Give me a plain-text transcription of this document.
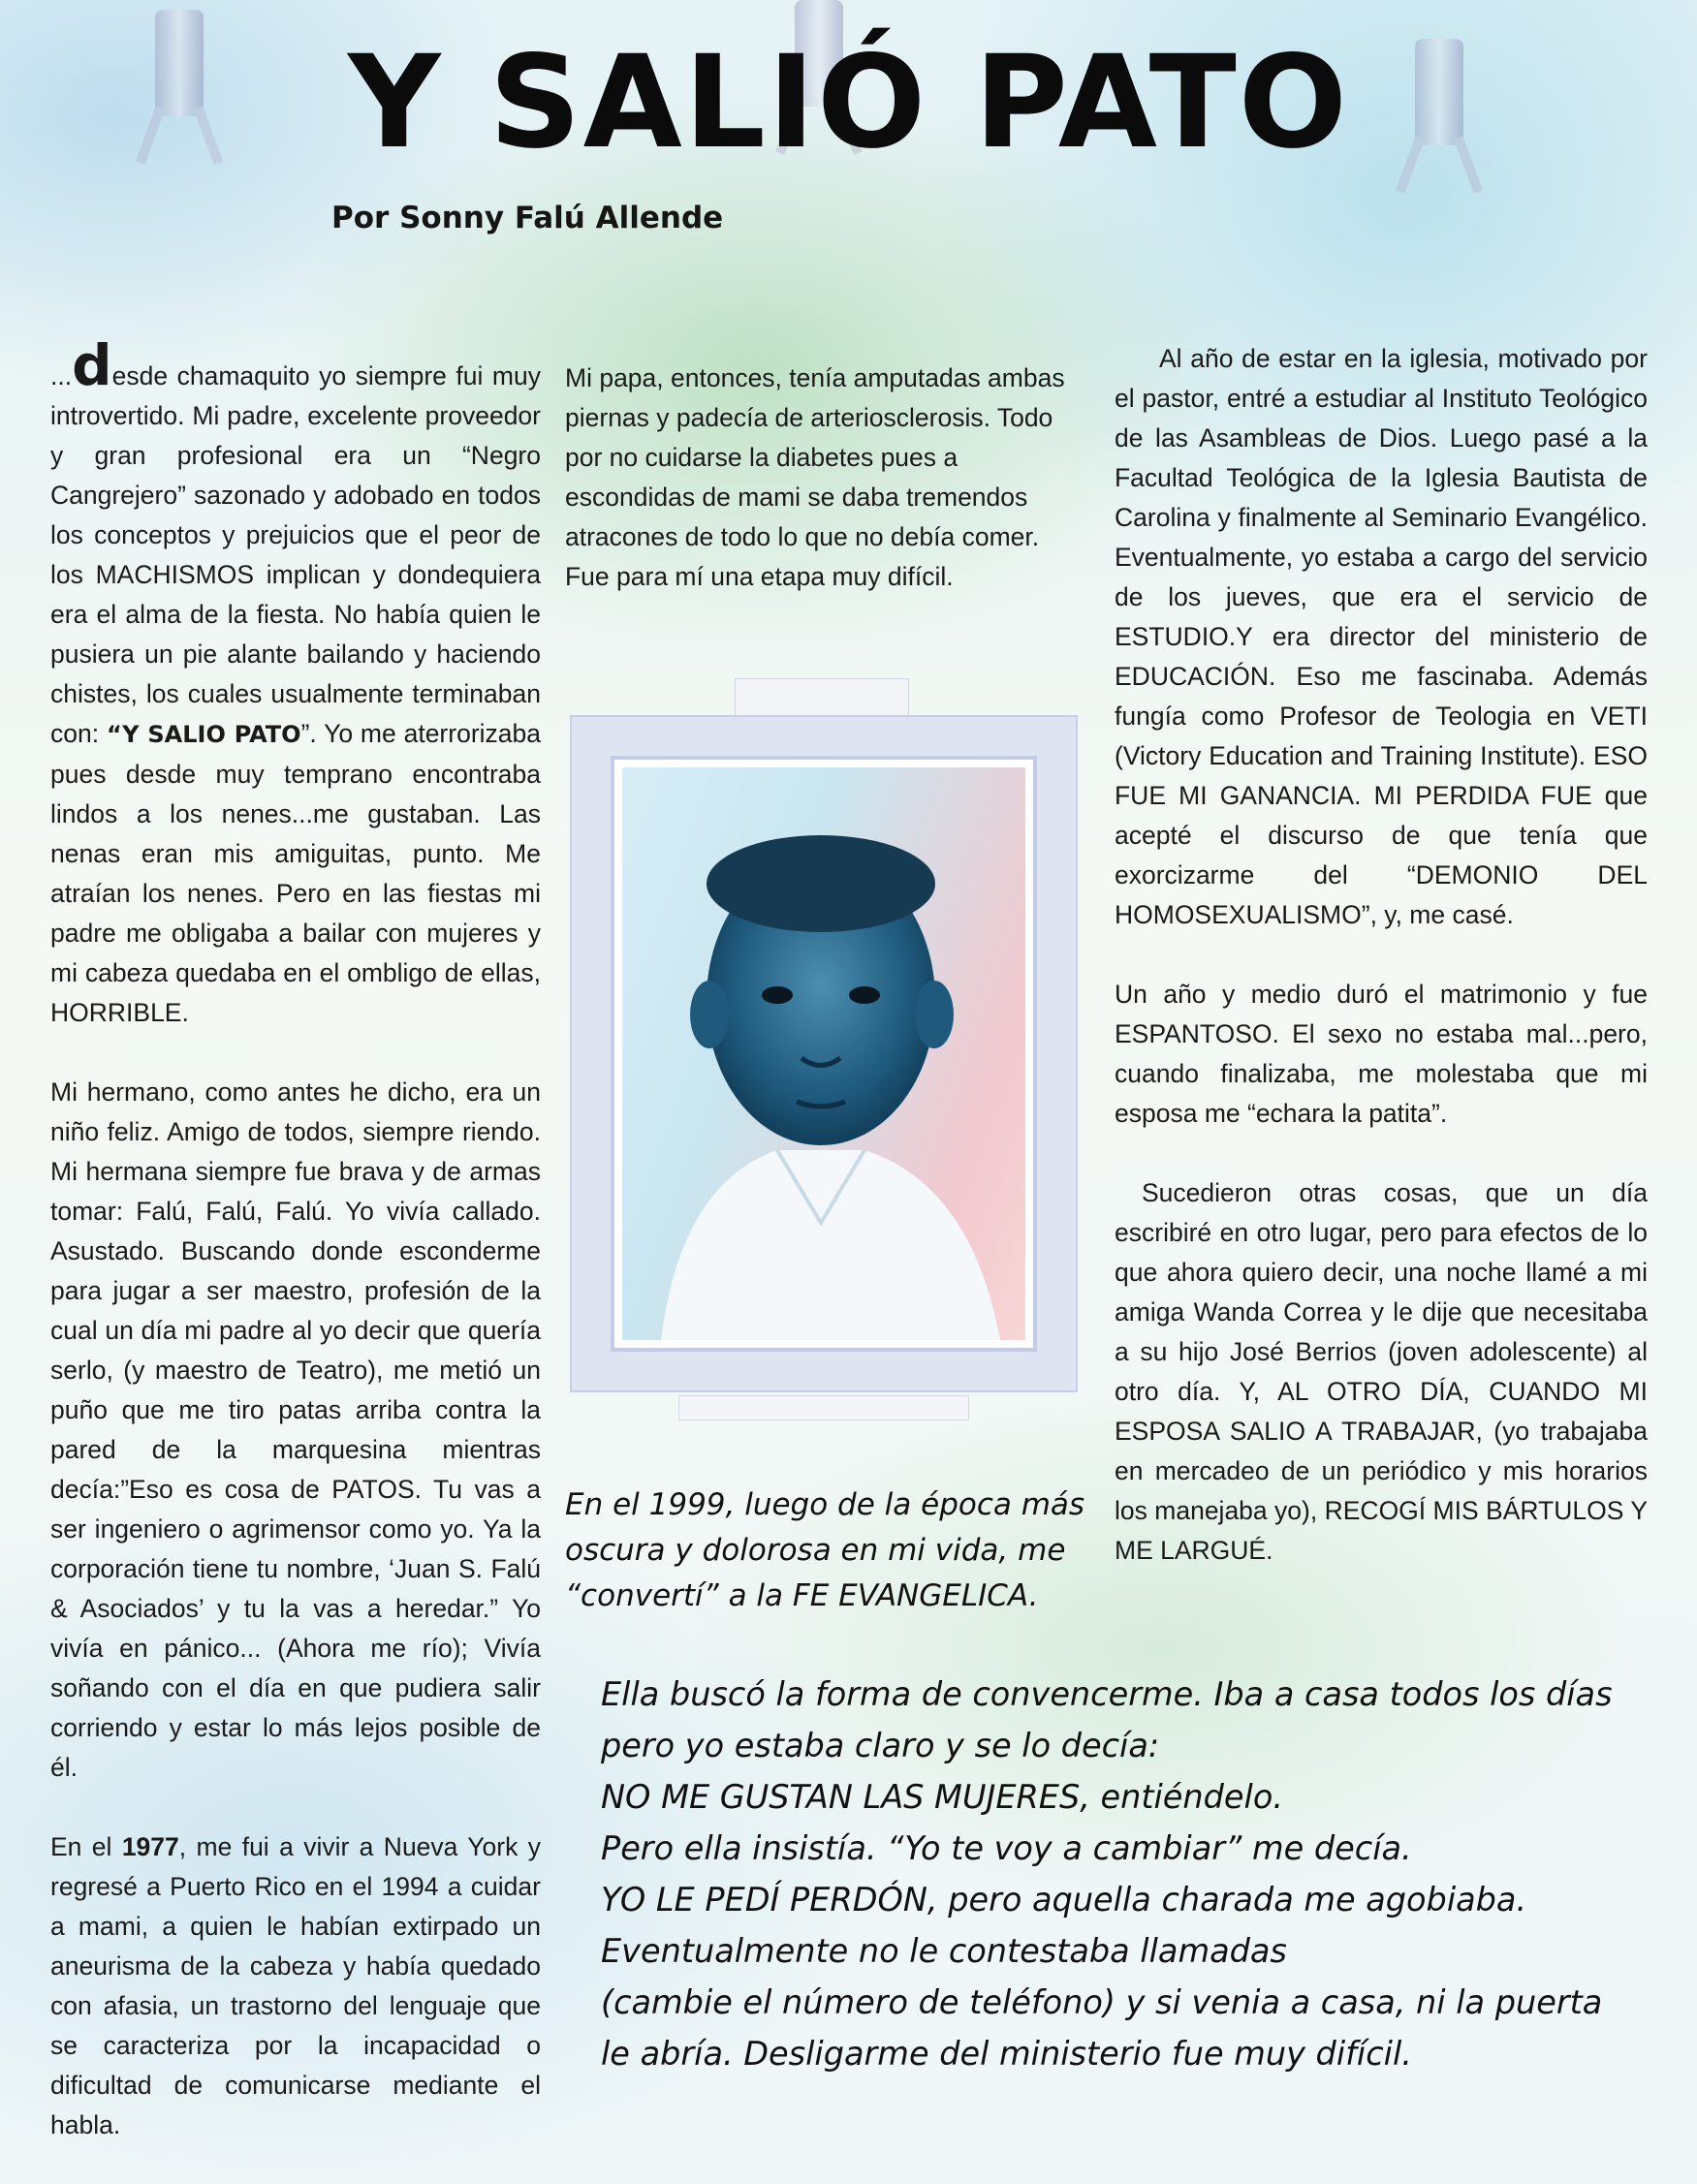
Y SALIÓ PATO

Por Sonny Falú Allende

...desde chamaquito yo siempre fui muy introvertido. Mi padre, excelente proveedor y gran profesional era un “Negro Cangrejero” sazonado y adobado en todos los conceptos y prejuicios que el peor de los MACHISMOS implican y dondequiera era el alma de la fiesta. No había quien le pusiera un pie alante bailando y haciendo chistes, los cuales usualmente terminaban con: “Y SALIO PATO”. Yo me aterrorizaba pues desde muy temprano encontraba lindos a los nenes...me gustaban. Las nenas eran mis amiguitas, punto. Me atraían los nenes. Pero en las fiestas mi padre me obligaba a bailar con mujeres y mi cabeza quedaba en el ombligo de ellas, HORRIBLE.

Mi hermano, como antes he dicho, era un niño feliz. Amigo de todos, siempre riendo. Mi hermana siempre fue brava y de armas tomar: Falú, Falú, Falú. Yo vivía callado. Asustado. Buscando donde esconderme para jugar a ser maestro, profesión de la cual un día mi padre al yo decir que quería serlo, (y maestro de Teatro), me metió un puño que me tiro patas arriba contra la pared de la marquesina mientras decía:”Eso es cosa de PATOS. Tu vas a ser ingeniero o agrimensor como yo. Ya la corporación tiene tu nombre, ‘Juan S. Falú & Asociados’ y tu la vas a heredar.” Yo vivía en pánico... (Ahora me río); Vivía soñando con el día en que pudiera salir corriendo y estar lo más lejos posible de él.

En el 1977, me fui a vivir a Nueva York y regresé a Puerto Rico en el 1994 a cuidar a mami, a quien le habían extirpado un aneurisma de la cabeza y había quedado con afasia, un trastorno del lenguaje que se caracteriza por la incapacidad o dificultad de comunicarse mediante el habla.

Mi papa, entonces, tenía amputadas ambas piernas y padecía de arteriosclerosis. Todo por no cuidarse la diabetes pues a escondidas de mami se daba tremendos atracones de todo lo que no debía comer. Fue para mí una etapa muy difícil.

En el 1999, luego de la época más oscura y dolorosa en mi vida, me “convertí” a la FE EVANGELICA.

Al año de estar en la iglesia, motivado por el pastor, entré a estudiar al Instituto Teológico de las Asambleas de Dios. Luego pasé a la Facultad Teológica de la Iglesia Bautista de Carolina y finalmente al Seminario Evangélico. Eventualmente, yo estaba a cargo del servicio de los jueves, que era el servicio de ESTUDIO.Y era director del ministerio de EDUCACIÓN. Eso me fascinaba. Además fungía como Profesor de Teologia en VETI (Victory Education and Training Institute). ESO FUE MI GANANCIA. MI PERDIDA FUE que acepté el discurso de que tenía que exorcizarme del “DEMONIO DEL HOMOSEXUALISMO”, y, me casé.

Un año y medio duró el matrimonio y fue ESPANTOSO. El sexo no estaba mal...pero, cuando finalizaba, me molestaba que mi esposa me “echara la patita”.

Sucedieron otras cosas, que un día escribiré en otro lugar, pero para efectos de lo que ahora quiero decir, una noche llamé a mi amiga Wanda Correa y le dije que necesitaba a su hijo José Berrios (joven adolescente) al otro día. Y, AL OTRO DÍA, CUANDO MI ESPOSA SALIO A TRABAJAR, (yo trabajaba en mercadeo de un periódico y mis horarios los manejaba yo), RECOGÍ MIS BÁRTULOS Y ME LARGUÉ.

Ella buscó la forma de convencerme. Iba a casa todos los días
pero yo estaba claro y se lo decía:
NO ME GUSTAN LAS MUJERES, entiéndelo.
Pero ella insistía. “Yo te voy a cambiar” me decía.
YO LE PEDÍ PERDÓN, pero aquella charada me agobiaba.
Eventualmente no le contestaba llamadas
(cambie el número de teléfono) y si venia a casa, ni la puerta
le abría. Desligarme del ministerio fue muy difícil.
